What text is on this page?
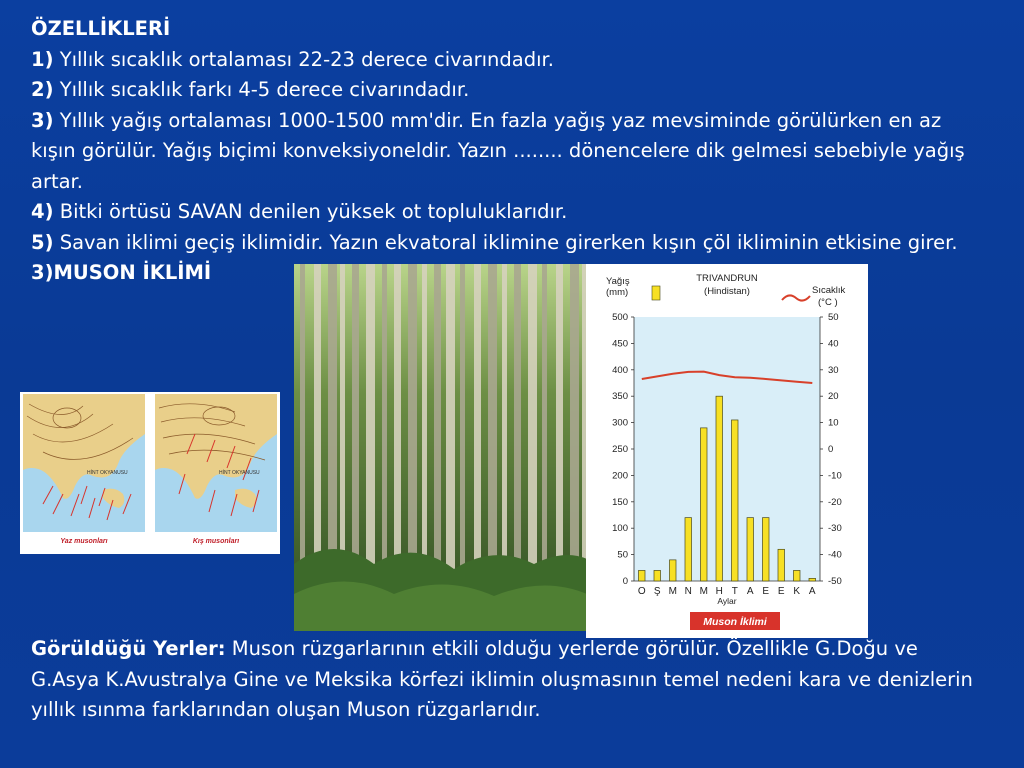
ÖZELLİKLERİ

1) Yıllık sıcaklık ortalaması 22-23 derece civarındadır.

2) Yıllık sıcaklık farkı 4-5 derece civarındadır.

3) Yıllık yağış ortalaması 1000-1500 mm'dir. En fazla yağış yaz mevsiminde görülürken en az kışın görülür. Yağış biçimi konveksiyoneldir. Yazın ........ dönencelere dik gelmesi sebebiyle yağış artar.

4) Bitki örtüsü SAVAN denilen yüksek ot topluluklarıdır.

5) Savan iklimi geçiş iklimidir. Yazın ekvatoral iklimine girerken kışın çöl ikliminin etkisine girer.

3)MUSON İKLİMİ

HİNT OKYANUSU	HİNT OKYANUSU
Yaz musonları	Kış musonları
Yağış
(mm)
TRIVANDRUN
(Hindistan)	Sıcaklık
(°C )
0
50
100
150
200
250
300
350
400
450
500	50
40
30
20
10
0
-10
-20
-30
-40
-50
O Ş M N M H T A E E K A
Aylar
Muson İklimi

Görüldüğü Yerler: Muson rüzgarlarının etkili olduğu yerlerde görülür. Özellikle G.Doğu ve G.Asya K.Avustralya Gine ve Meksika körfezi iklimin oluşmasının temel nedeni kara ve denizlerin yıllık ısınma farklarından oluşan Muson rüzgarlarıdır.
